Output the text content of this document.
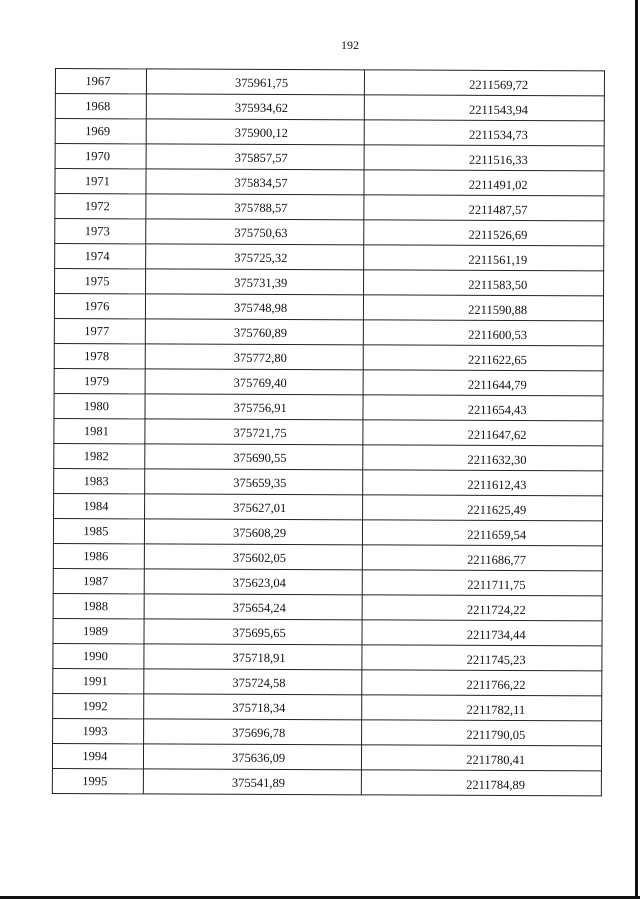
192
1967	375961,75	2211569,72
1968	375934,62	2211543,94
1969	375900,12	2211534,73
1970	375857,57	2211516,33
1971	375834,57	2211491,02
1972	375788,57	2211487,57
1973	375750,63	2211526,69
1974	375725,32	2211561,19
1975	375731,39	2211583,50
1976	375748,98	2211590,88
1977	375760,89	2211600,53
1978	375772,80	2211622,65
1979	375769,40	2211644,79
1980	375756,91	2211654,43
1981	375721,75	2211647,62
1982	375690,55	2211632,30
1983	375659,35	2211612,43
1984	375627,01	2211625,49
1985	375608,29	2211659,54
1986	375602,05	2211686,77
1987	375623,04	2211711,75
1988	375654,24	2211724,22
1989	375695,65	2211734,44
1990	375718,91	2211745,23
1991	375724,58	2211766,22
1992	375718,34	2211782,11
1993	375696,78	2211790,05
1994	375636,09	2211780,41
1995	375541,89	2211784,89
